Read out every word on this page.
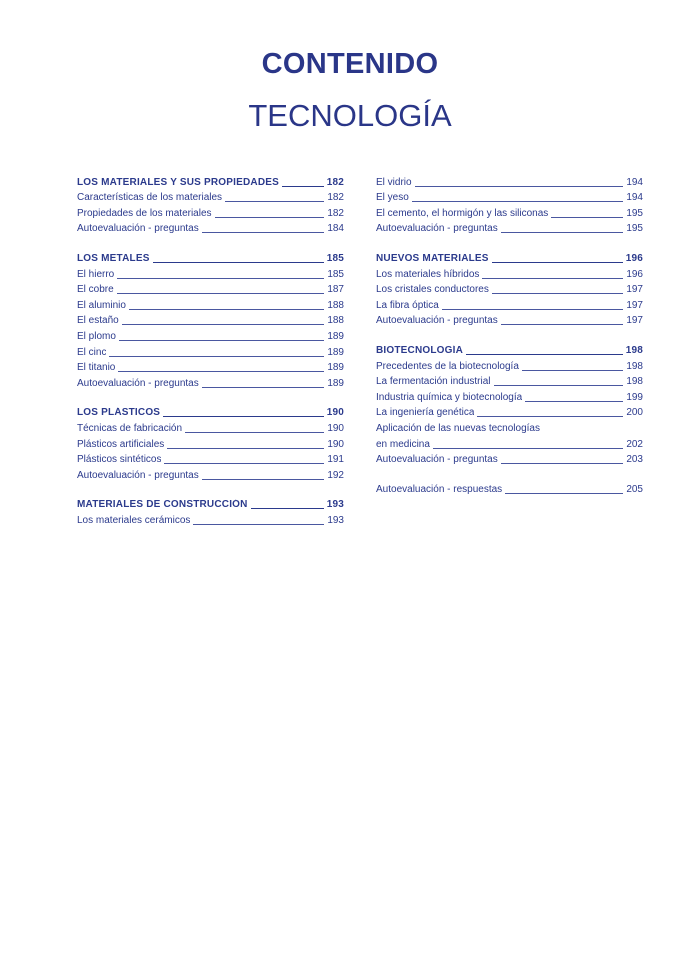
CONTENIDO
TECNOLOGÍA
LOS MATERIALES Y SUS PROPIEDADES	182
Características de los materiales	182
Propiedades de los materiales	182
Autoevaluación - preguntas	184
LOS METALES	185
El hierro	185
El cobre	187
El aluminio	188
El estaño	188
El plomo	189
El cinc	189
El titanio	189
Autoevaluación - preguntas	189
LOS PLÁSTICOS	190
Técnicas de fabricación	190
Plásticos artificiales	190
Plásticos sintéticos	191
Autoevaluación - preguntas	192
MATERIALES DE CONSTRUCCIÓN	193
Los materiales cerámicos	193
El vidrio	194
El yeso	194
El cemento, el hormigón y las siliconas	195
Autoevaluación - preguntas	195
NUEVOS MATERIALES	196
Los materiales híbridos	196
Los cristales conductores	197
La fibra óptica	197
Autoevaluación - preguntas	197
BIOTECNOLOGÍA	198
Precedentes de la biotecnología	198
La fermentación industrial	198
Industria química y biotecnología	199
La ingeniería genética	200
Aplicación de las nuevas tecnologías
en medicina	202
Autoevaluación - preguntas	203
Autoevaluación - respuestas	205
